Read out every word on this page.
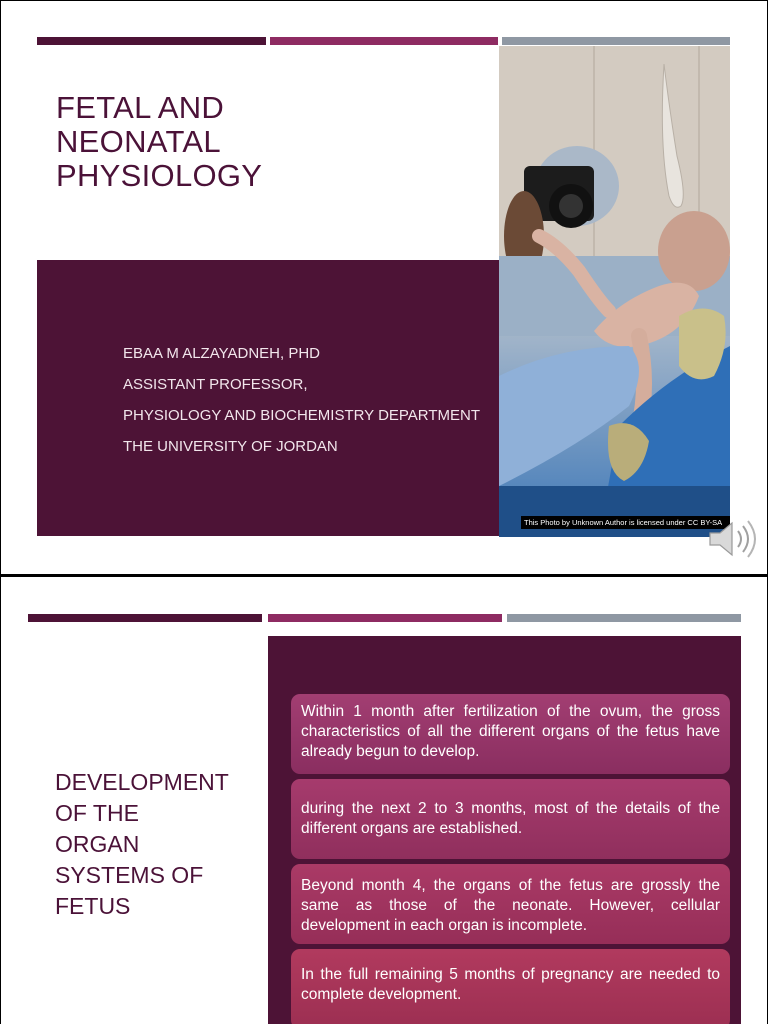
FETAL AND
NEONATAL
PHYSIOLOGY
EBAA M ALZAYADNEH, PHD
ASSISTANT PROFESSOR,
PHYSIOLOGY AND BIOCHEMISTRY DEPARTMENT
THE UNIVERSITY OF JORDAN
This Photo by Unknown Author is licensed under CC BY-SA
DEVELOPMENT
OF THE
ORGAN
SYSTEMS OF
FETUS
Within 1 month after fertilization of the ovum, the gross characteristics of all the different organs of the fetus have already begun to develop.
during the next 2 to 3 months, most of the details of the different organs are established.
Beyond month 4, the organs of the fetus are grossly the same as those of the neonate. However, cellular development in each organ is incomplete.
In the full remaining 5 months of pregnancy are needed to complete development.
